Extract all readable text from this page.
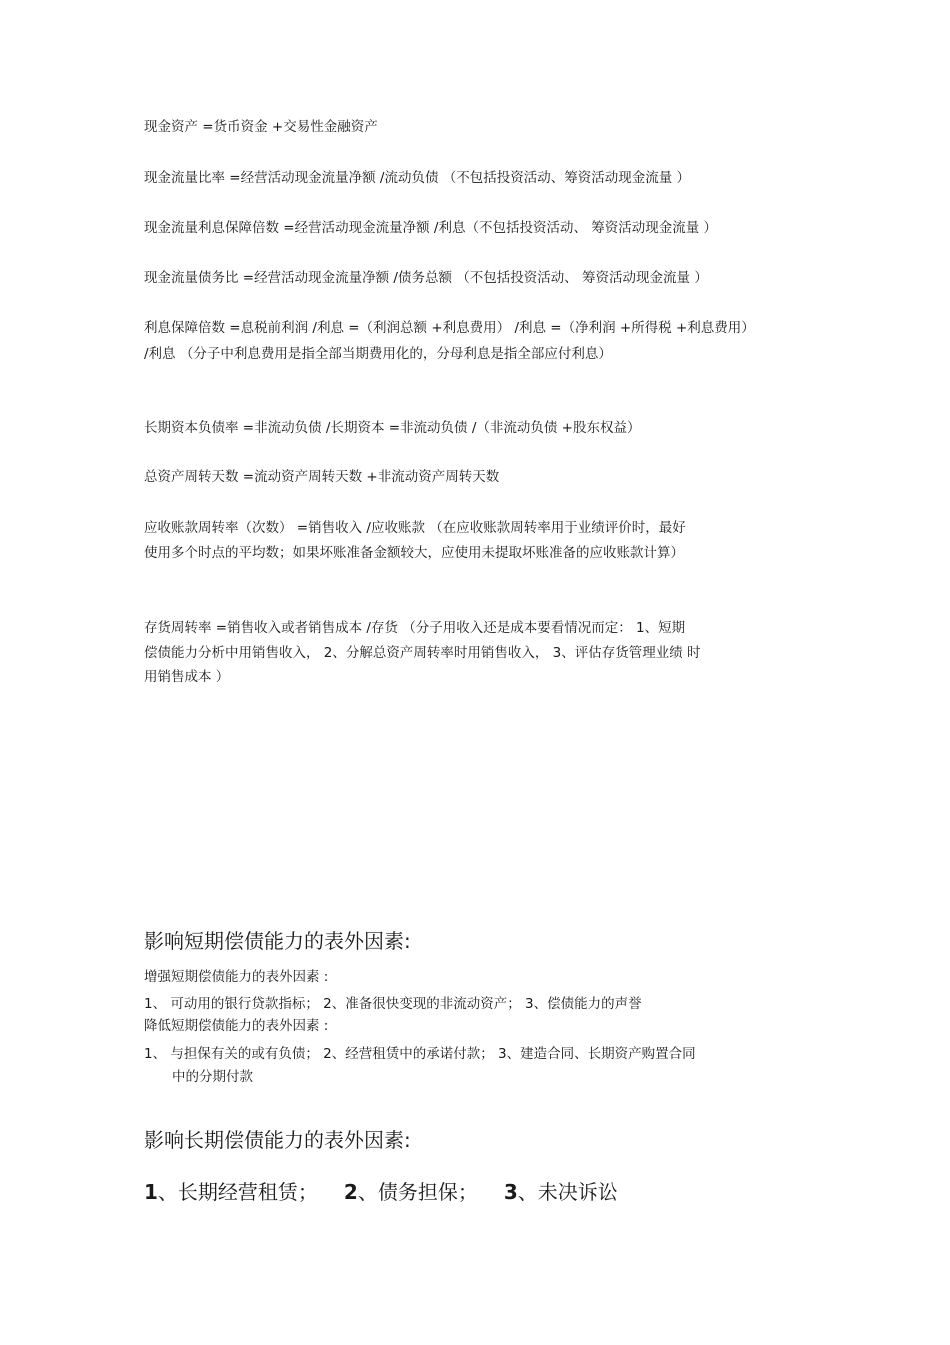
现金资产 =货币资金 +交易性金融资产

现金流量比率 =经营活动现金流量净额 /流动负债 （不包括投资活动、筹资活动现金流量 ）

现金流量利息保障倍数 =经营活动现金流量净额 /利息（不包括投资活动、 筹资活动现金流量 ）

现金流量债务比 =经营活动现金流量净额 /债务总额 （不包括投资活动、 筹资活动现金流量 ）

利息保障倍数 =息税前利润 /利息 =（利润总额 +利息费用） /利息 =（净利润 +所得税 +利息费用）

/利息 （分子中利息费用是指全部当期费用化的，分母利息是指全部应付利息）

长期资本负债率 =非流动负债 /长期资本 =非流动负债 /（非流动负债 +股东权益）

总资产周转天数 =流动资产周转天数 +非流动资产周转天数

应收账款周转率（次数） =销售收入 /应收账款 （在应收账款周转率用于业绩评价时，最好

使用多个时点的平均数；如果坏账准备金额较大，应使用未提取坏账准备的应收账款计算）

存货周转率 =销售收入或者销售成本 /存货 （分子用收入还是成本要看情况而定： 1、短期

偿债能力分析中用销售收入， 2、分解总资产周转率时用销售收入， 3、评估存货管理业绩 时

用销售成本 ）

影响短期偿债能力的表外因素:

增强短期偿债能力的表外因素 :

1、 可动用的银行贷款指标； 2、准备很快变现的非流动资产； 3、偿债能力的声誉

降低短期偿债能力的表外因素 :

1、 与担保有关的或有负债； 2、经营租赁中的承诺付款； 3、建造合同、长期资产购置合同

中的分期付款

影响长期偿债能力的表外因素:

1、长期经营租赁； 2、债务担保； 3、未决诉讼
